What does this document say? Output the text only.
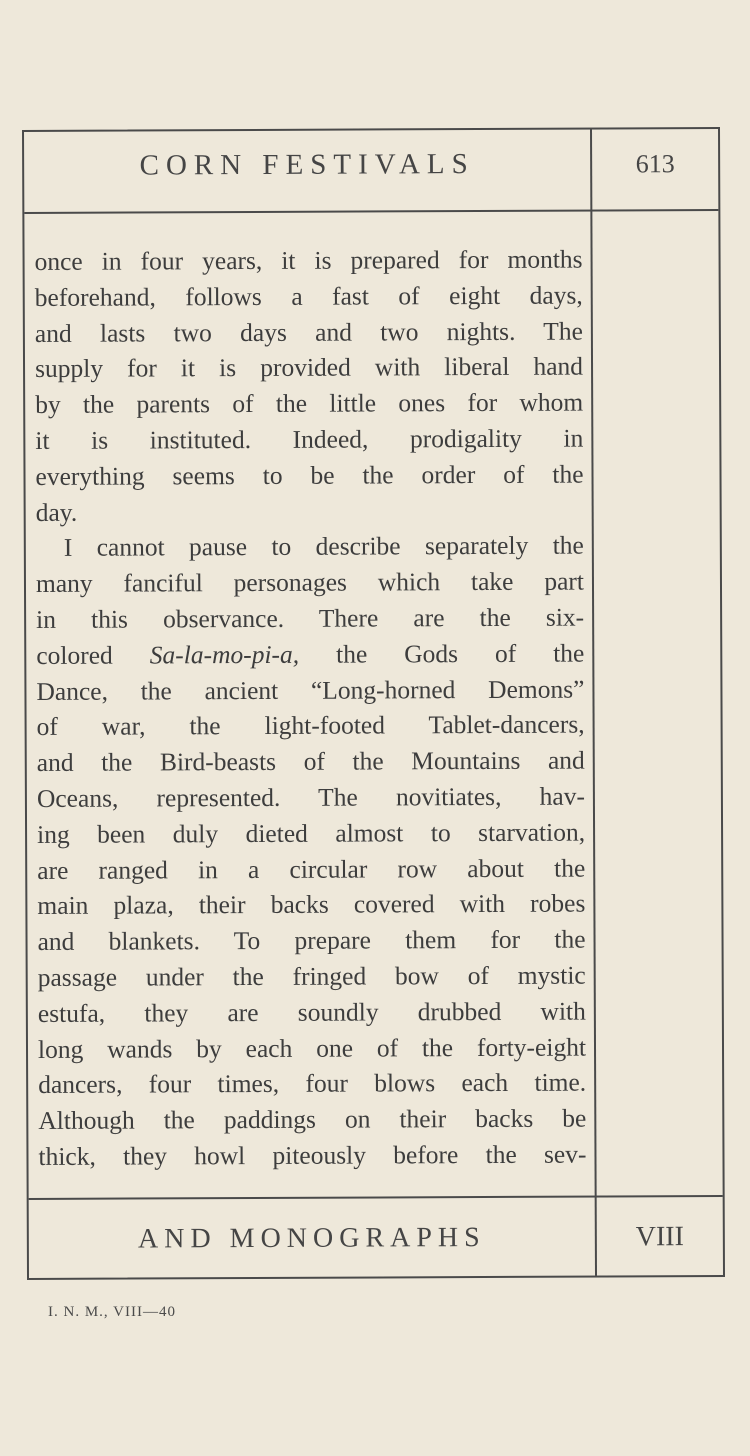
CORN FESTIVALS	613
once in four years, it is prepared for months
beforehand, follows a fast of eight days,
and lasts two days and two nights. The
supply for it is provided with liberal hand
by the parents of the little ones for whom
it is instituted. Indeed, prodigality in
everything seems to be the order of the
day.
I cannot pause to describe separately the
many fanciful personages which take part
in this observance. There are the six-
colored Sa-la-mo-pi-a, the Gods of the
Dance, the ancient “Long-horned Demons”
of war, the light-footed Tablet-dancers,
and the Bird-beasts of the Mountains and
Oceans, represented. The novitiates, hav-
ing been duly dieted almost to starvation,
are ranged in a circular row about the
main plaza, their backs covered with robes
and blankets. To prepare them for the
passage under the fringed bow of mystic
estufa, they are soundly drubbed with
long wands by each one of the forty-eight
dancers, four times, four blows each time.
Although the paddings on their backs be
thick, they howl piteously before the sev-
AND MONOGRAPHS	VIII
I. N. M., VIII—40
